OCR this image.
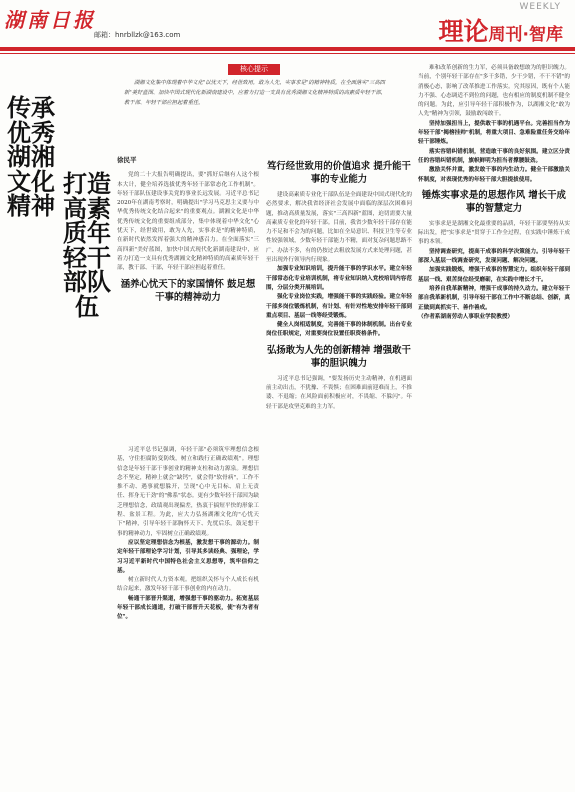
湖南日报
邮箱：hnrbllzk@163.com
WEEKLY
理论周刊·智库
核心提示

湖湘文化集中体现着中华文化"以忧天下，经世致用，敢为人先，实事求是"的精神特质。在全面落实"三高四新"美好蓝图、加快中国式现代化新湖南建设中，应着力打造一支具有优秀湖湘文化精神特质的高素质年轻干部，教干部、年轻干部应担起着重任。

打造高素质年轻干部队伍
传承优秀湖湘文化精神
徐民平

党的二十大报告明确提出，要"抓好后继有人这个根本大计，健全培养选拔优秀年轻干部常态化工作机制"。年轻干部队伍建设事关党的事业长远发展。习近平总书记2020年在湖南考察时，明确提出"学习马克思主义要与中华优秀传统文化结合起来"的重要观点。湖湘文化是中华优秀传统文化的重要组成部分，集中体现着中华文化"心忧天下，经世致用，敢为人先，实事求是"的精神特质，在新时代依然发挥着强大的精神感召力。在全面落实"三高四新"美好蓝图，加快中国式现代化新湖南建设中，应着力打造一支具有优秀湖湘文化精神特质的高素质年轻干部，教干部、干部，年轻干部应担起着重任。

涵养心忧天下的家国情怀 鼓足想干事的精神动力

习近平总书记强调，年轻干部"必须筑牢理想信念根基，守住拒腐防变防线，树立和践行正确政绩观"。理想信念是年轻干部干事创业的精神支柱和动力源泉。理想信念不坚定，精神上就会"缺钙"，就会得"软骨病"，工作不推不动、遇事就想躲开，呈现"心中无目标、肩上无责任、挥身无干劲"的"佛系"状态。更有少数年轻干部因为缺乏理想信念，政绩观出现偏差，热衷于搞短平快的形象工程、盆景工程。为此，应大力弘扬湖湘文化的"心忧天下"精神，引导年轻干部胸怀天下、先忧后乐，鼓足想干事的精神动力，牢固树立正确政绩观。

应以坚定理想信念为根基，激发想干事的源动力。制定年轻干部理论学习计划，引导其多读经典、强理论，学习习近平新时代中国特色社会主义思想等，筑牢信仰之基。

树立新时代人力资本观。把组织关怀与个人成长有机结合起来，激发年轻干部干事创业的内在动力。

畅通干部晋升渠道，增强想干事的驱动力。拓宽基层年轻干部成长通道，打破干部晋升天花板，使"有为者有位"。

笃行经世致用的价值追求 提升能干事的专业能力

建设高素质专业化干部队伍是全面建设中国式现代化的必然要求，解决我省经济社会发展中面临的深层次困难问题，推动高质量发展，落实"三高四新"蓝图，迫切需要大量高素质专业化的年轻干部。目前，我省少数年轻干部存在能力不足和不会为的问题，比如在全局意识、科技卫生等专业性较强领域，少数年轻干部能力不精，面对复杂问题思路不广、办法不多，有的仍按过去粗放发展方式来处理问题，甚至出现外行领导内行现象。

加强专业知识培训，提升能干事的学识水平。建立年轻干部常态化专业培训机制，将专业知识纳入党校培训内容范围，分层分类开展培训。

强化专业岗位实践，增强能干事的实践经验。建立年轻干部多岗位锻炼机制，有计划、有针对性地安排年轻干部到重点项目、基层一线等经受锻炼。

健全人岗相适制度，完善能干事的体制机制。出台专业岗位任职规定，对重要岗位设置任职资格条件。

弘扬敢为人先的创新精神 增强敢干事的胆识魄力

习近平总书记强调，"要发扬历史主动精神，在机遇面前主动出击，不犹豫、不畏惧；在困难面前迎难而上，不推诿、不退缩；在风险面前积极应对，不畏缩、不躲闪"。年轻干部是攻坚克难的主力军。

难和改革创新的生力军，必须具备敢想敢为的胆识魄力。当前，个别年轻干部存在"多干多错，少干少错，不干不错"的消极心态，影响了改革推进工作落实。究其原因，既有个人能力不强、心态调适不到位的问题，也有相应的制度机制不健全的问题。为此，应引导年轻干部积极作为，以湖湘文化"敢为人先"精神为引领，鼓励敢闯敢干。

坚持加强担当上，提供敢干事的机遇平台。完善担当作为年轻干部"揭榜挂帅"机制，将重大项目、急难险重任务交给年轻干部锤炼。

落实容错纠错机制，营造敢干事的良好氛围。建立区分责任的容错纠错机制，旗帜鲜明为担当者撑腰鼓劲。

激励关怀并重，激发敢干事的内生动力。健全干部激励关怀制度，对表现优秀的年轻干部大胆提拔使用。

锤炼实事求是的思想作风 增长干成事的智慧定力

实事求是是湖湘文化最重要的品质，年轻干部要坚持从实际出发，把"实事求是"贯穿于工作全过程，在实践中锤炼干成事的本领。

坚持调查研究，提高干成事的科学决策能力。引导年轻干部深入基层一线调查研究，发现问题、解决问题。

加强实践锻炼，增强干成事的智慧定力。组织年轻干部到基层一线、艰苦岗位经受磨砺，在实践中增长才干。

培养自我革新精神，增强干成事的持久动力。建立年轻干部自我革新机制，引导年轻干部在工作中不断总结、创新，真正做到真抓实干、善作善成。

（作者系湖南劳动人事职业学院教授）
